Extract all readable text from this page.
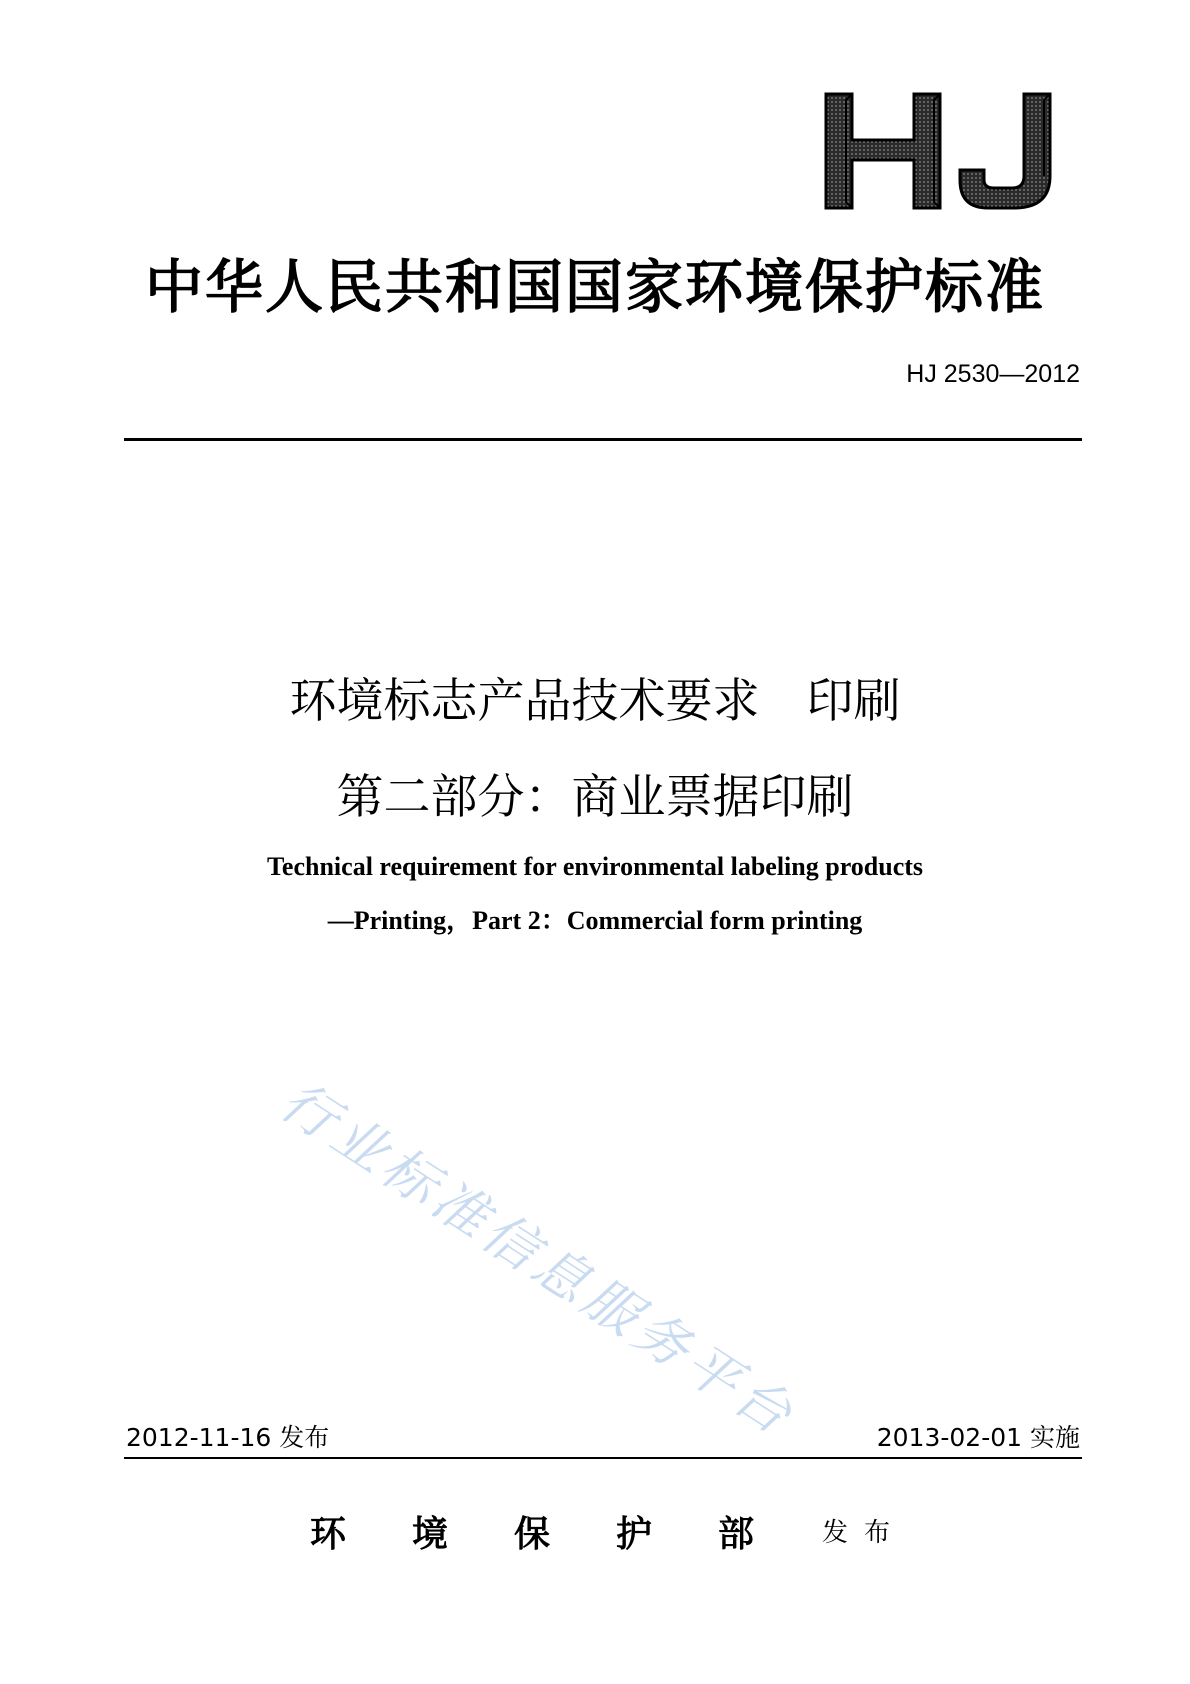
中华人民共和国国家环境保护标准
HJ 2530—2012
环境标志产品技术要求　印刷
第二部分：商业票据印刷
Technical requirement for environmental labeling products
—Printing，Part 2：Commercial form printing
行业标准信息服务平台
2012-11-16 发布	2013-02-01 实施
环境保护部 发布
